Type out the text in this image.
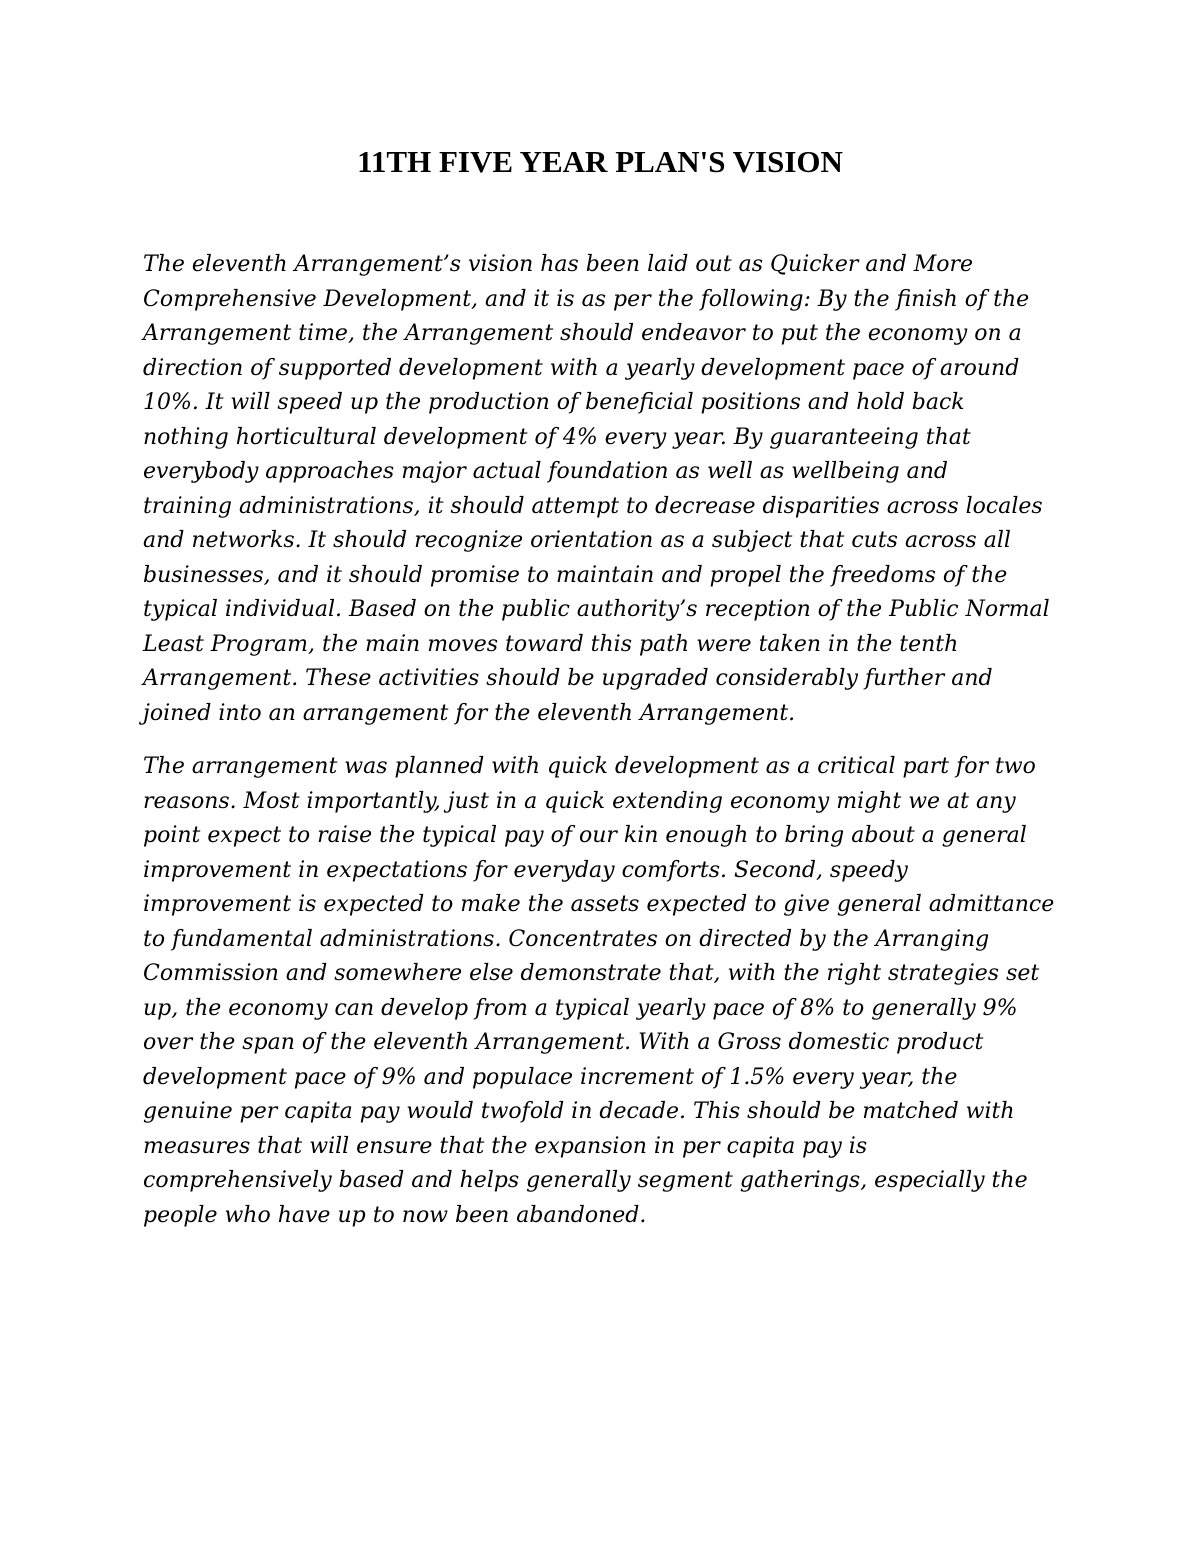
11TH FIVE YEAR PLAN'S VISION

The eleventh Arrangement’s vision has been laid out as Quicker and More
Comprehensive Development, and it is as per the following: By the finish of the
Arrangement time, the Arrangement should endeavor to put the economy on a
direction of supported development with a yearly development pace of around
10%. It will speed up the production of beneficial positions and hold back
nothing horticultural development of 4% every year. By guaranteeing that
everybody approaches major actual foundation as well as wellbeing and
training administrations, it should attempt to decrease disparities across locales
and networks. It should recognize orientation as a subject that cuts across all
businesses, and it should promise to maintain and propel the freedoms of the
typical individual. Based on the public authority’s reception of the Public Normal
Least Program, the main moves toward this path were taken in the tenth
Arrangement. These activities should be upgraded considerably further and
joined into an arrangement for the eleventh Arrangement.

The arrangement was planned with quick development as a critical part for two
reasons. Most importantly, just in a quick extending economy might we at any
point expect to raise the typical pay of our kin enough to bring about a general
improvement in expectations for everyday comforts. Second, speedy
improvement is expected to make the assets expected to give general admittance
to fundamental administrations. Concentrates on directed by the Arranging
Commission and somewhere else demonstrate that, with the right strategies set
up, the economy can develop from a typical yearly pace of 8% to generally 9%
over the span of the eleventh Arrangement. With a Gross domestic product
development pace of 9% and populace increment of 1.5% every year, the
genuine per capita pay would twofold in decade. This should be matched with
measures that will ensure that the expansion in per capita pay is
comprehensively based and helps generally segment gatherings, especially the
people who have up to now been abandoned.
